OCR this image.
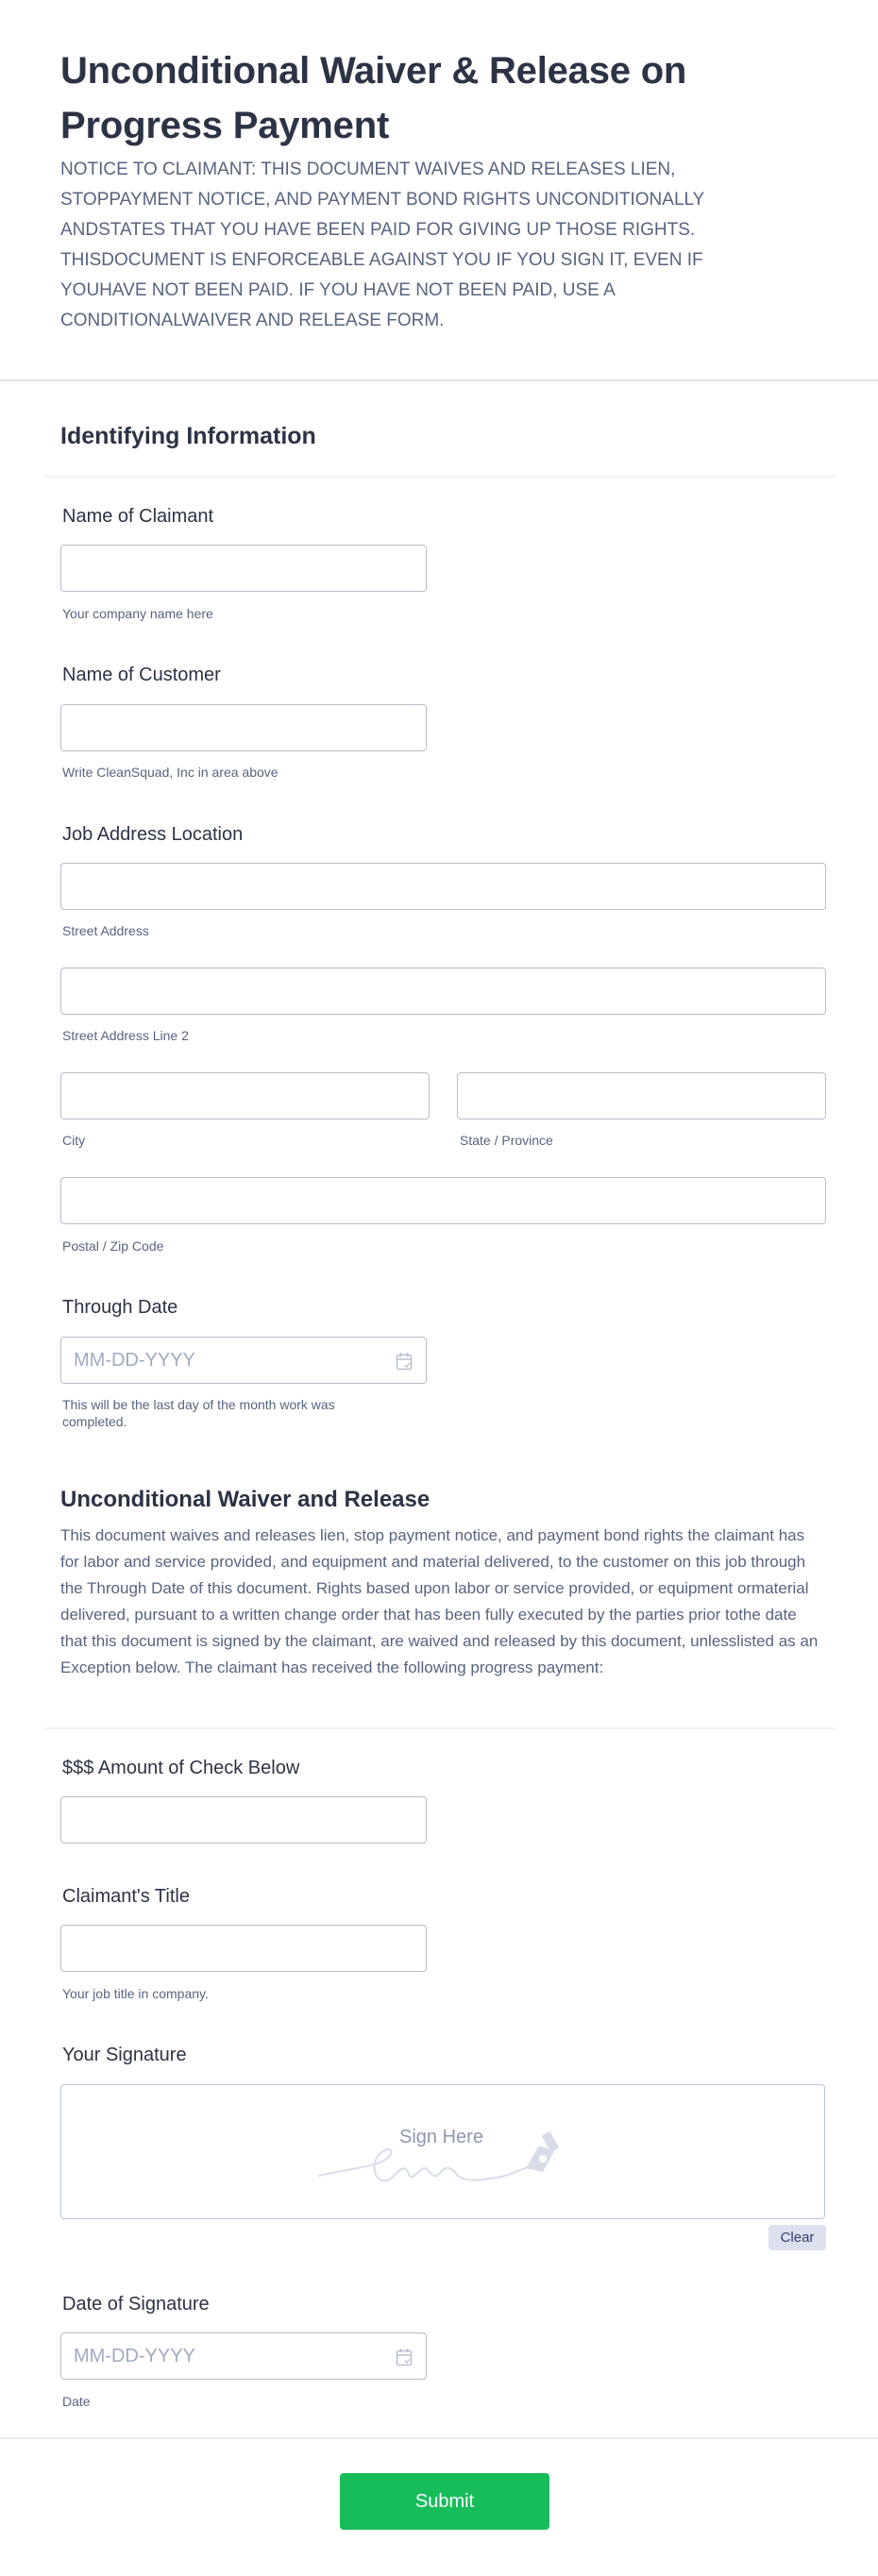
Unconditional Waiver & Release on Progress Payment

NOTICE TO CLAIMANT: THIS DOCUMENT WAIVES AND RELEASES LIEN, STOPPAYMENT NOTICE, AND PAYMENT BOND RIGHTS UNCONDITIONALLY ANDSTATES THAT YOU HAVE BEEN PAID FOR GIVING UP THOSE RIGHTS. THISDOCUMENT IS ENFORCEABLE AGAINST YOU IF YOU SIGN IT, EVEN IF YOUHAVE NOT BEEN PAID. IF YOU HAVE NOT BEEN PAID, USE A CONDITIONALWAIVER AND RELEASE FORM.

Identifying Information
Name of Claimant
Your company name here
Name of Customer
Write CleanSquad, Inc in area above
Job Address Location
Street Address
Street Address Line 2
City	State / Province
Postal / Zip Code
Through Date
MM-DD-YYYY
This will be the last day of the month work was completed.
Unconditional Waiver and Release

This document waives and releases lien, stop payment notice, and payment bond rights the claimant has for labor and service provided, and equipment and material delivered, to the customer on this job through the Through Date of this document. Rights based upon labor or service provided, or equipment ormaterial delivered, pursuant to a written change order that has been fully executed by the parties prior tothe date that this document is signed by the claimant, are waived and released by this document, unlesslisted as an Exception below. The claimant has received the following progress payment:

$$$ Amount of Check Below
Claimant's Title
Your job title in company.
Your Signature
Sign Here
Clear
Date of Signature
MM-DD-YYYY
Date
Submit
